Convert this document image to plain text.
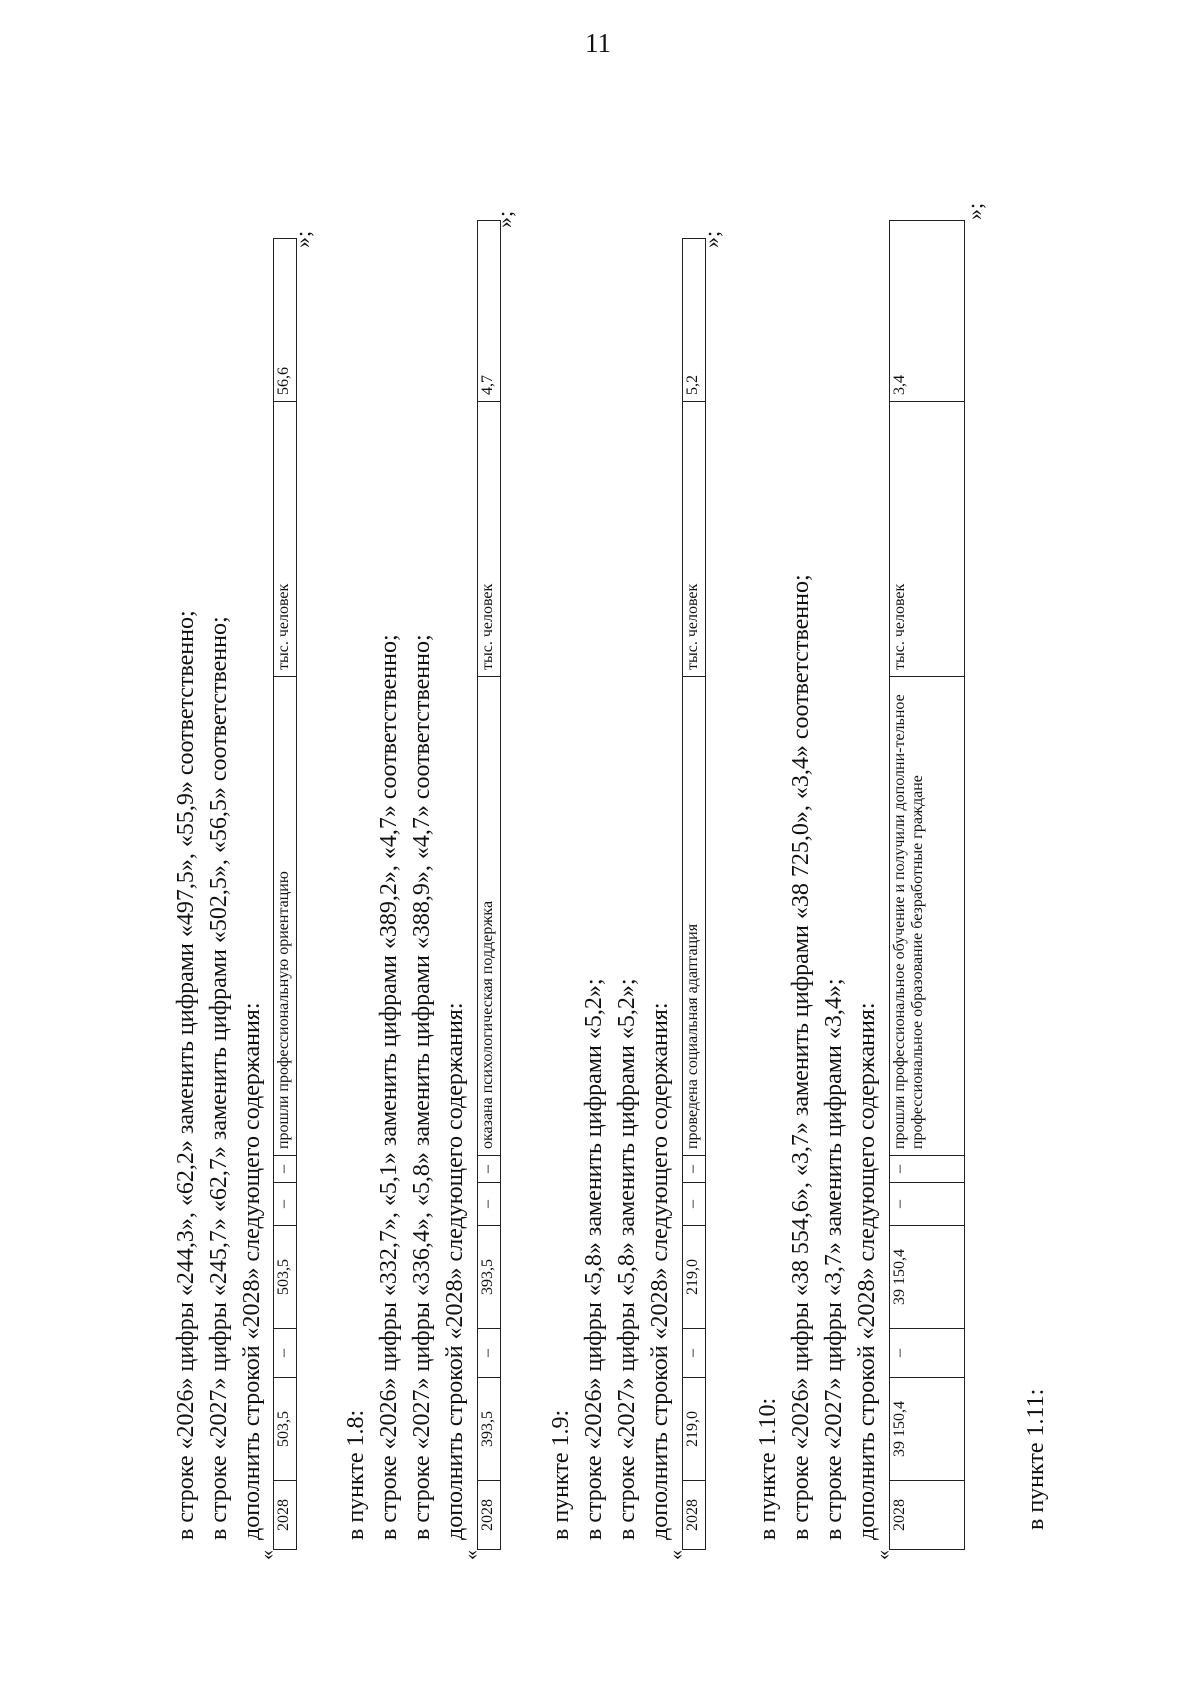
11
в строке «2026» цифры «244,3», «62,2» заменить цифрами «497,5», «55,9» соответственно; в строке «2027» цифры «245,7» «62,7» заменить цифрами «502,5», «56,5» соответственно; дополнить строкой «2028» следующего содержания:
«
2028	503,5	–	503,5	–	–	прошли профессиональную ориентацию	тыс. человек	56,6
»;
в пункте 1.8: в строке «2026» цифры «332,7», «5,1» заменить цифрами «389,2», «4,7» соответственно; в строке «2027» цифры «336,4», «5,8» заменить цифрами «388,9», «4,7» соответственно; дополнить строкой «2028» следующего содержания:
«
2028	393,5	–	393,5	–	–	оказана психологическая поддержка	тыс. человек	4,7
»;
в пункте 1.9: в строке «2026» цифры «5,8» заменить цифрами «5,2»; в строке «2027» цифры «5,8» заменить цифрами «5,2»; дополнить строкой «2028» следующего содержания:
«
2028	219,0	–	219,0	–	–	проведена социальная адаптация	тыс. человек	5,2
»;
в пункте 1.10: в строке «2026» цифры «38 554,6», «3,7» заменить цифрами «38 725,0», «3,4» соответственно; в строке «2027» цифры «3,7» заменить цифрами «3,4»; дополнить строкой «2028» следующего содержания:
«
2028	39 150,4	–	39 150,4	–	–	прошли профессиональное обучение и получили дополни-тельное профессиональное образование безработные граждане	тыс. человек	3,4
»;
в пункте 1.11:
